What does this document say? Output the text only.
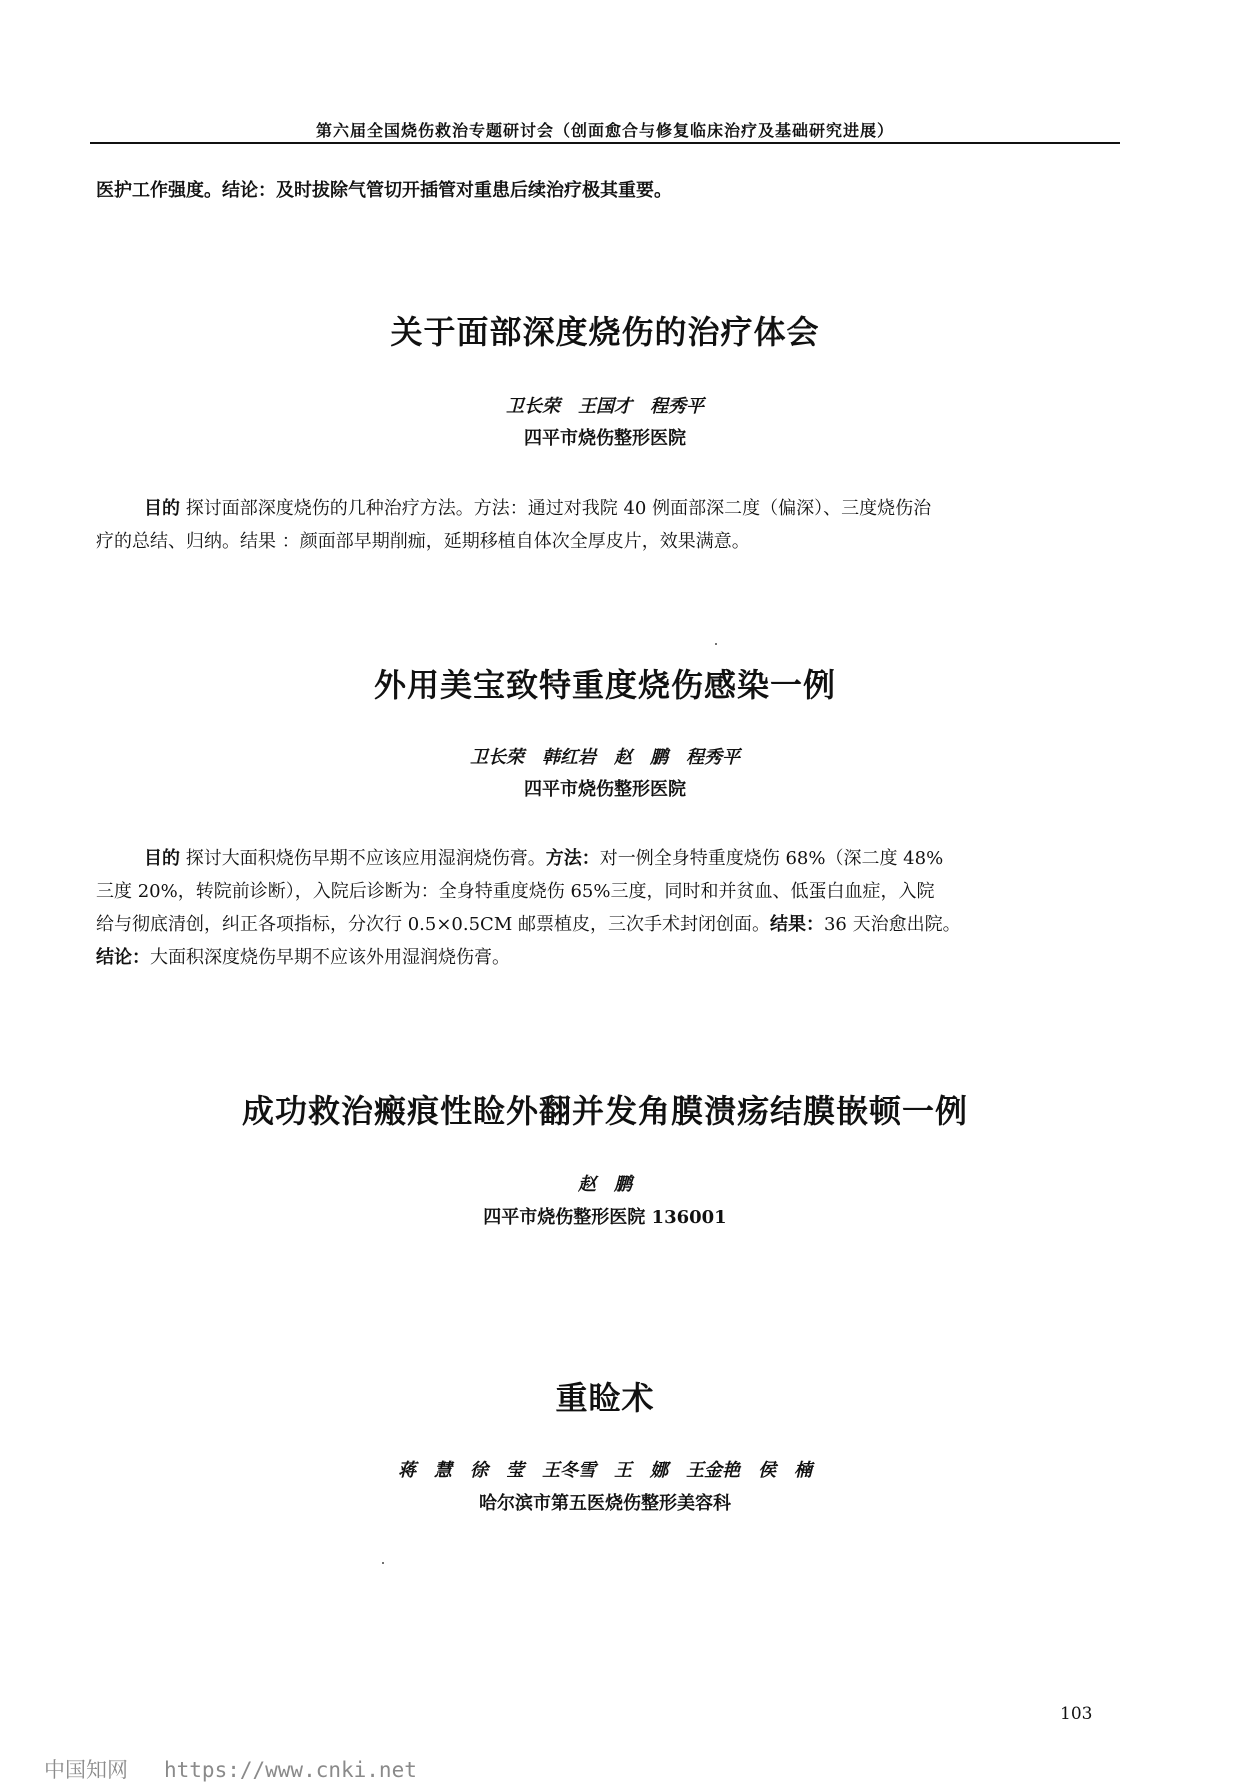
第六届全国烧伤救治专题研讨会（创面愈合与修复临床治疗及基础研究进展）
医护工作强度。结论：及时拔除气管切开插管对重患后续治疗极其重要。
关于面部深度烧伤的治疗体会
卫长荣　王国才　程秀平
四平市烧伤整形医院
目的 探讨面部深度烧伤的几种治疗方法。方法：通过对我院 40 例面部深二度（偏深）、三度烧伤治
疗的总结、归纳。结果 ：颜面部早期削痂，延期移植自体次全厚皮片，效果满意。
外用美宝致特重度烧伤感染一例
卫长荣　韩红岩　赵　鹏　程秀平
四平市烧伤整形医院
目的 探讨大面积烧伤早期不应该应用湿润烧伤膏。方法：对一例全身特重度烧伤 68%（深二度 48%
三度 20%，转院前诊断），入院后诊断为：全身特重度烧伤 65%三度，同时和并贫血、低蛋白血症，入院
给与彻底清创，纠正各项指标，分次行 0.5×0.5CM 邮票植皮，三次手术封闭创面。结果：36 天治愈出院。
结论：大面积深度烧伤早期不应该外用湿润烧伤膏。
成功救治瘢痕性睑外翻并发角膜溃疡结膜嵌顿一例
赵　鹏
四平市烧伤整形医院 136001
重睑术
蒋　慧　徐　莹　王冬雪　王　娜　王金艳　侯　楠
哈尔滨市第五医烧伤整形美容科
103
中国知网 https://www.cnki.net
